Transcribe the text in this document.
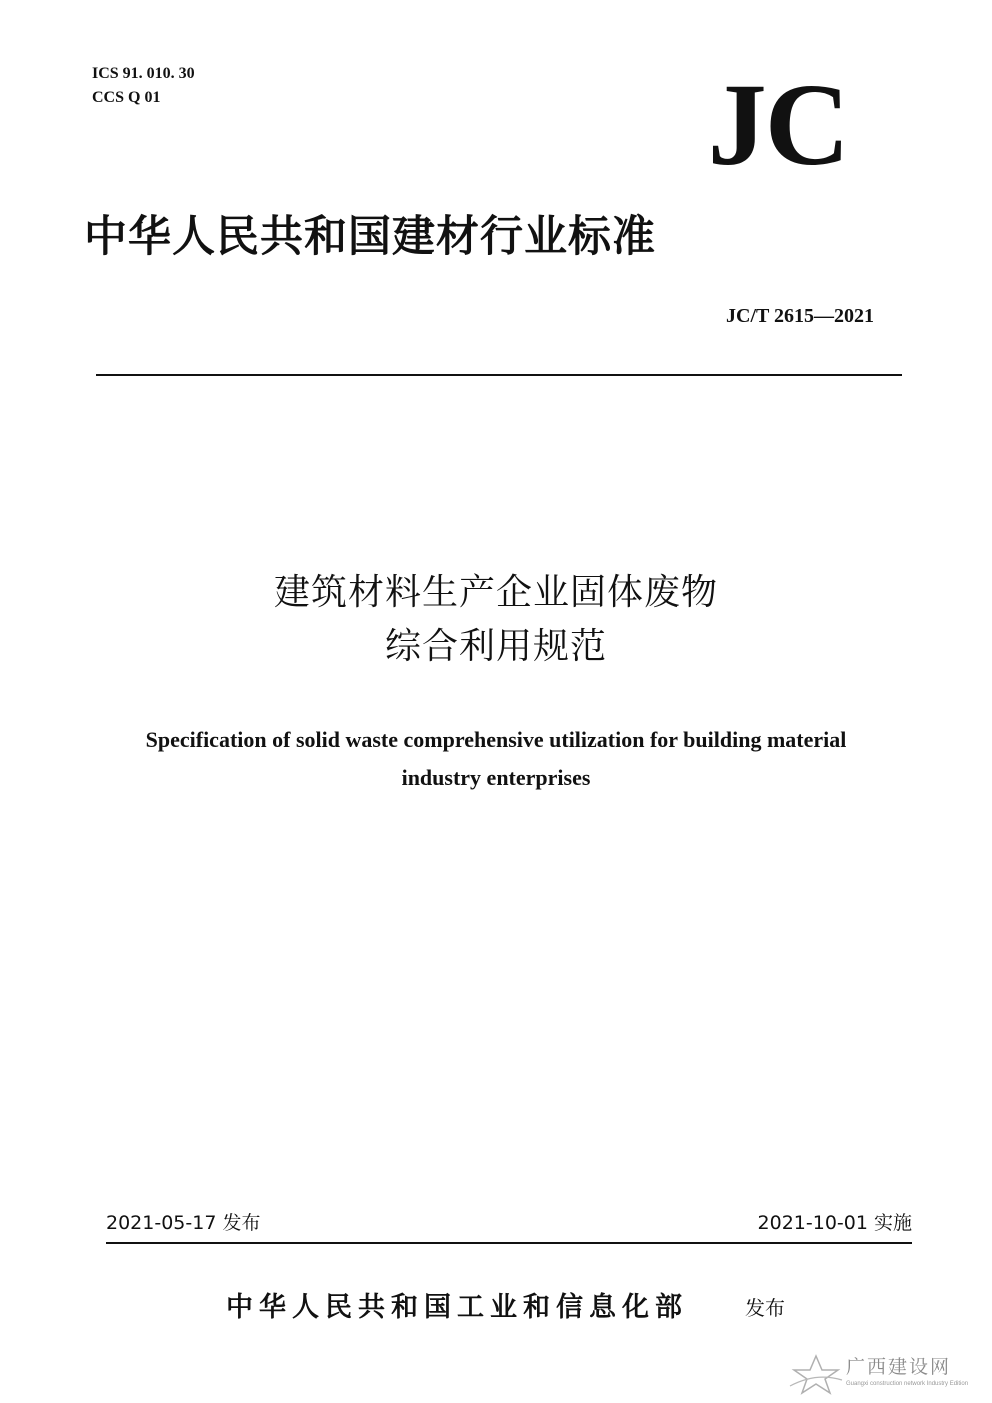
ICS 91. 010. 30
CCS Q 01	JC
中华人民共和国建材行业标准
JC/T 2615—2021
建筑材料生产企业固体废物
综合利用规范
Specification of solid waste comprehensive utilization for building material
industry enterprises
2021-05-17 发布	2021-10-01 实施
中华人民共和国工业和信息化部	发布
广西建设网
Guangxi construction network Industry Edition
